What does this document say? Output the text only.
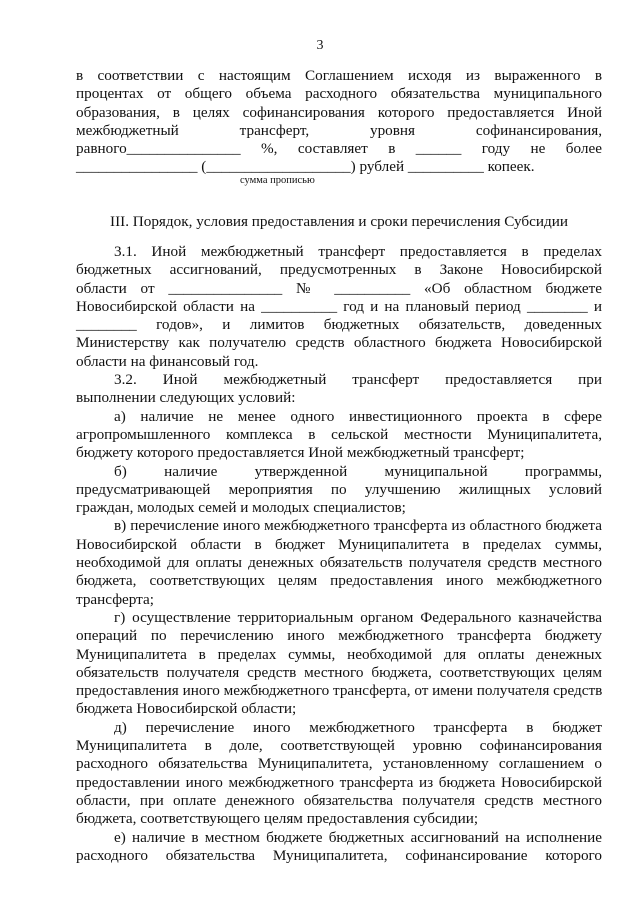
3
в соответствии с настоящим Соглашением исходя из выраженного в
процентах от общего объема расходного обязательства муниципального
образования, в целях софинансирования которого предоставляется Иной
межбюджетный трансферт, уровня софинансирования,
равного_______________ %, составляет в ______ году не более
________________ (___________________) рублей __________ копеек.
сумма прописью
III. Порядок, условия предоставления и сроки перечисления Субсидии
3.1. Иной межбюджетный трансферт предоставляется в пределах
бюджетных ассигнований, предусмотренных в Законе Новосибирской
области от _______________ № __________ «Об областном бюджете
Новосибирской области на __________ год и на плановый период ________ и
________ годов», и лимитов бюджетных обязательств, доведенных
Министерству как получателю средств областного бюджета Новосибирской
области на финансовый год.
3.2. Иной межбюджетный трансферт предоставляется при
выполнении следующих условий:
а) наличие не менее одного инвестиционного проекта в сфере
агропромышленного комплекса в сельской местности Муниципалитета,
бюджету которого предоставляется Иной межбюджетный трансферт;
б) наличие утвержденной муниципальной программы,
предусматривающей мероприятия по улучшению жилищных условий
граждан, молодых семей и молодых специалистов;
в) перечисление иного межбюджетного трансферта из областного бюджета
Новосибирской области в бюджет Муниципалитета в пределах суммы,
необходимой для оплаты денежных обязательств получателя средств местного
бюджета, соответствующих целям предоставления иного межбюджетного
трансферта;
г) осуществление территориальным органом Федерального казначейства
операций по перечислению иного межбюджетного трансферта бюджету
Муниципалитета в пределах суммы, необходимой для оплаты денежных
обязательств получателя средств местного бюджета, соответствующих целям
предоставления иного межбюджетного трансферта, от имени получателя средств
бюджета Новосибирской области;
д) перечисление иного межбюджетного трансферта в бюджет
Муниципалитета в доле, соответствующей уровню софинансирования
расходного обязательства Муниципалитета, установленному соглашением о
предоставлении иного межбюджетного трансферта из бюджета Новосибирской
области, при оплате денежного обязательства получателя средств местного
бюджета, соответствующего целям предоставления субсидии;
е) наличие в местном бюджете бюджетных ассигнований на исполнение
расходного обязательства Муниципалитета, софинансирование которого
